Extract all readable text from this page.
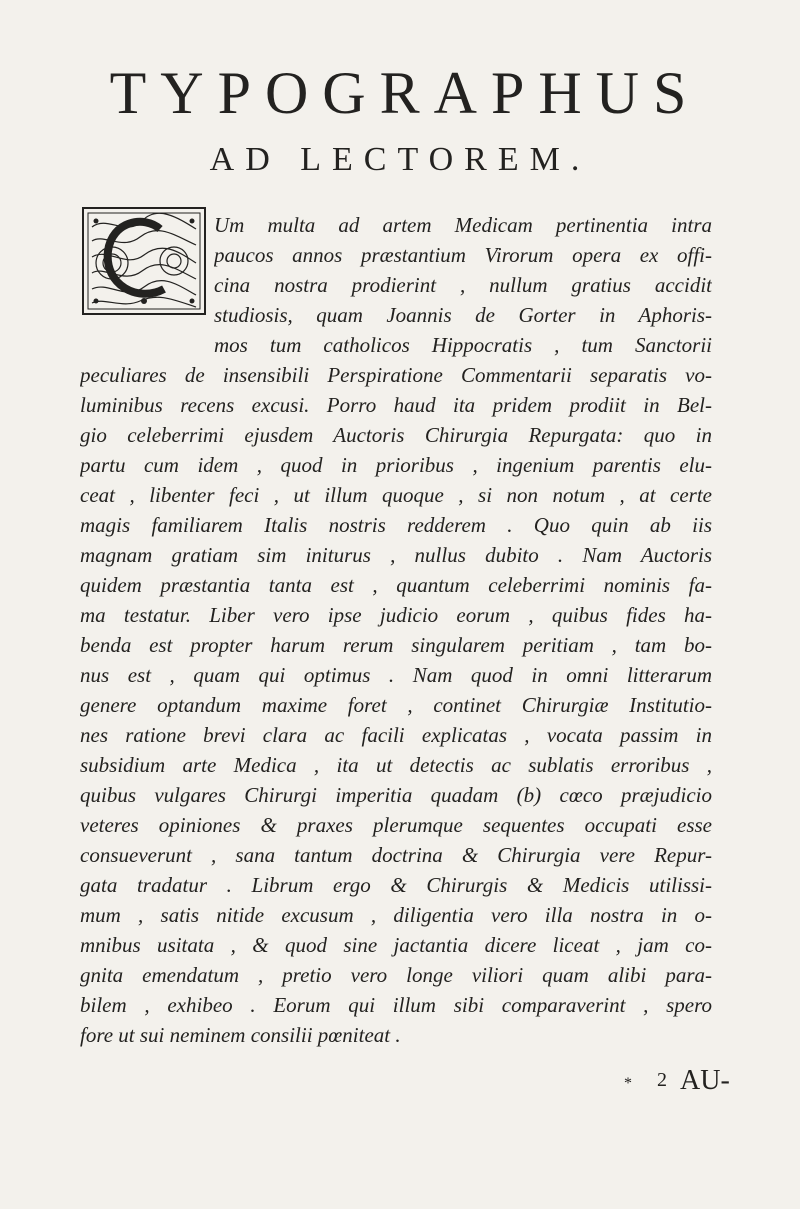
TYPOGRAPHUS
AD LECTOREM.
Um multa ad artem Medicam pertinentia intra
paucos annos præstantium Virorum opera ex offi-
cina nostra prodierint , nullum gratius accidit
studiosis, quam Joannis de Gorter in Aphoris-
mos tum catholicos Hippocratis , tum Sanctorii
peculiares de insensibili Perspiratione Commentarii separatis vo-
luminibus recens excusi. Porro haud ita pridem prodiit in Bel-
gio celeberrimi ejusdem Auctoris Chirurgia Repurgata: quo in
partu cum idem , quod in prioribus , ingenium parentis elu-
ceat , libenter feci , ut illum quoque , si non notum , at certe
magis familiarem Italis nostris redderem . Quo quin ab iis
magnam gratiam sim initurus , nullus dubito . Nam Auctoris
quidem præstantia tanta est , quantum celeberrimi nominis fa-
ma testatur. Liber vero ipse judicio eorum , quibus fides ha-
benda est propter harum rerum singularem peritiam , tam bo-
nus est , quam qui optimus . Nam quod in omni litterarum
genere optandum maxime foret , continet Chirurgiæ Institutio-
nes ratione brevi clara ac facili explicatas , vocata passim in
subsidium arte Medica , ita ut detectis ac sublatis erroribus ,
quibus vulgares Chirurgi imperitia quadam (b) cœco præjudicio
veteres opiniones & praxes plerumque sequentes occupati esse
consueverunt , sana tantum doctrina & Chirurgia vere Repur-
gata tradatur . Librum ergo & Chirurgis & Medicis utilissi-
mum , satis nitide excusum , diligentia vero illa nostra in o-
mnibus usitata , & quod sine jactantia dicere liceat , jam co-
gnita emendatum , pretio vero longe viliori quam alibi para-
bilem , exhibeo . Eorum qui illum sibi comparaverint , spero
fore ut sui neminem consilii pœniteat .
* 2 AU-
